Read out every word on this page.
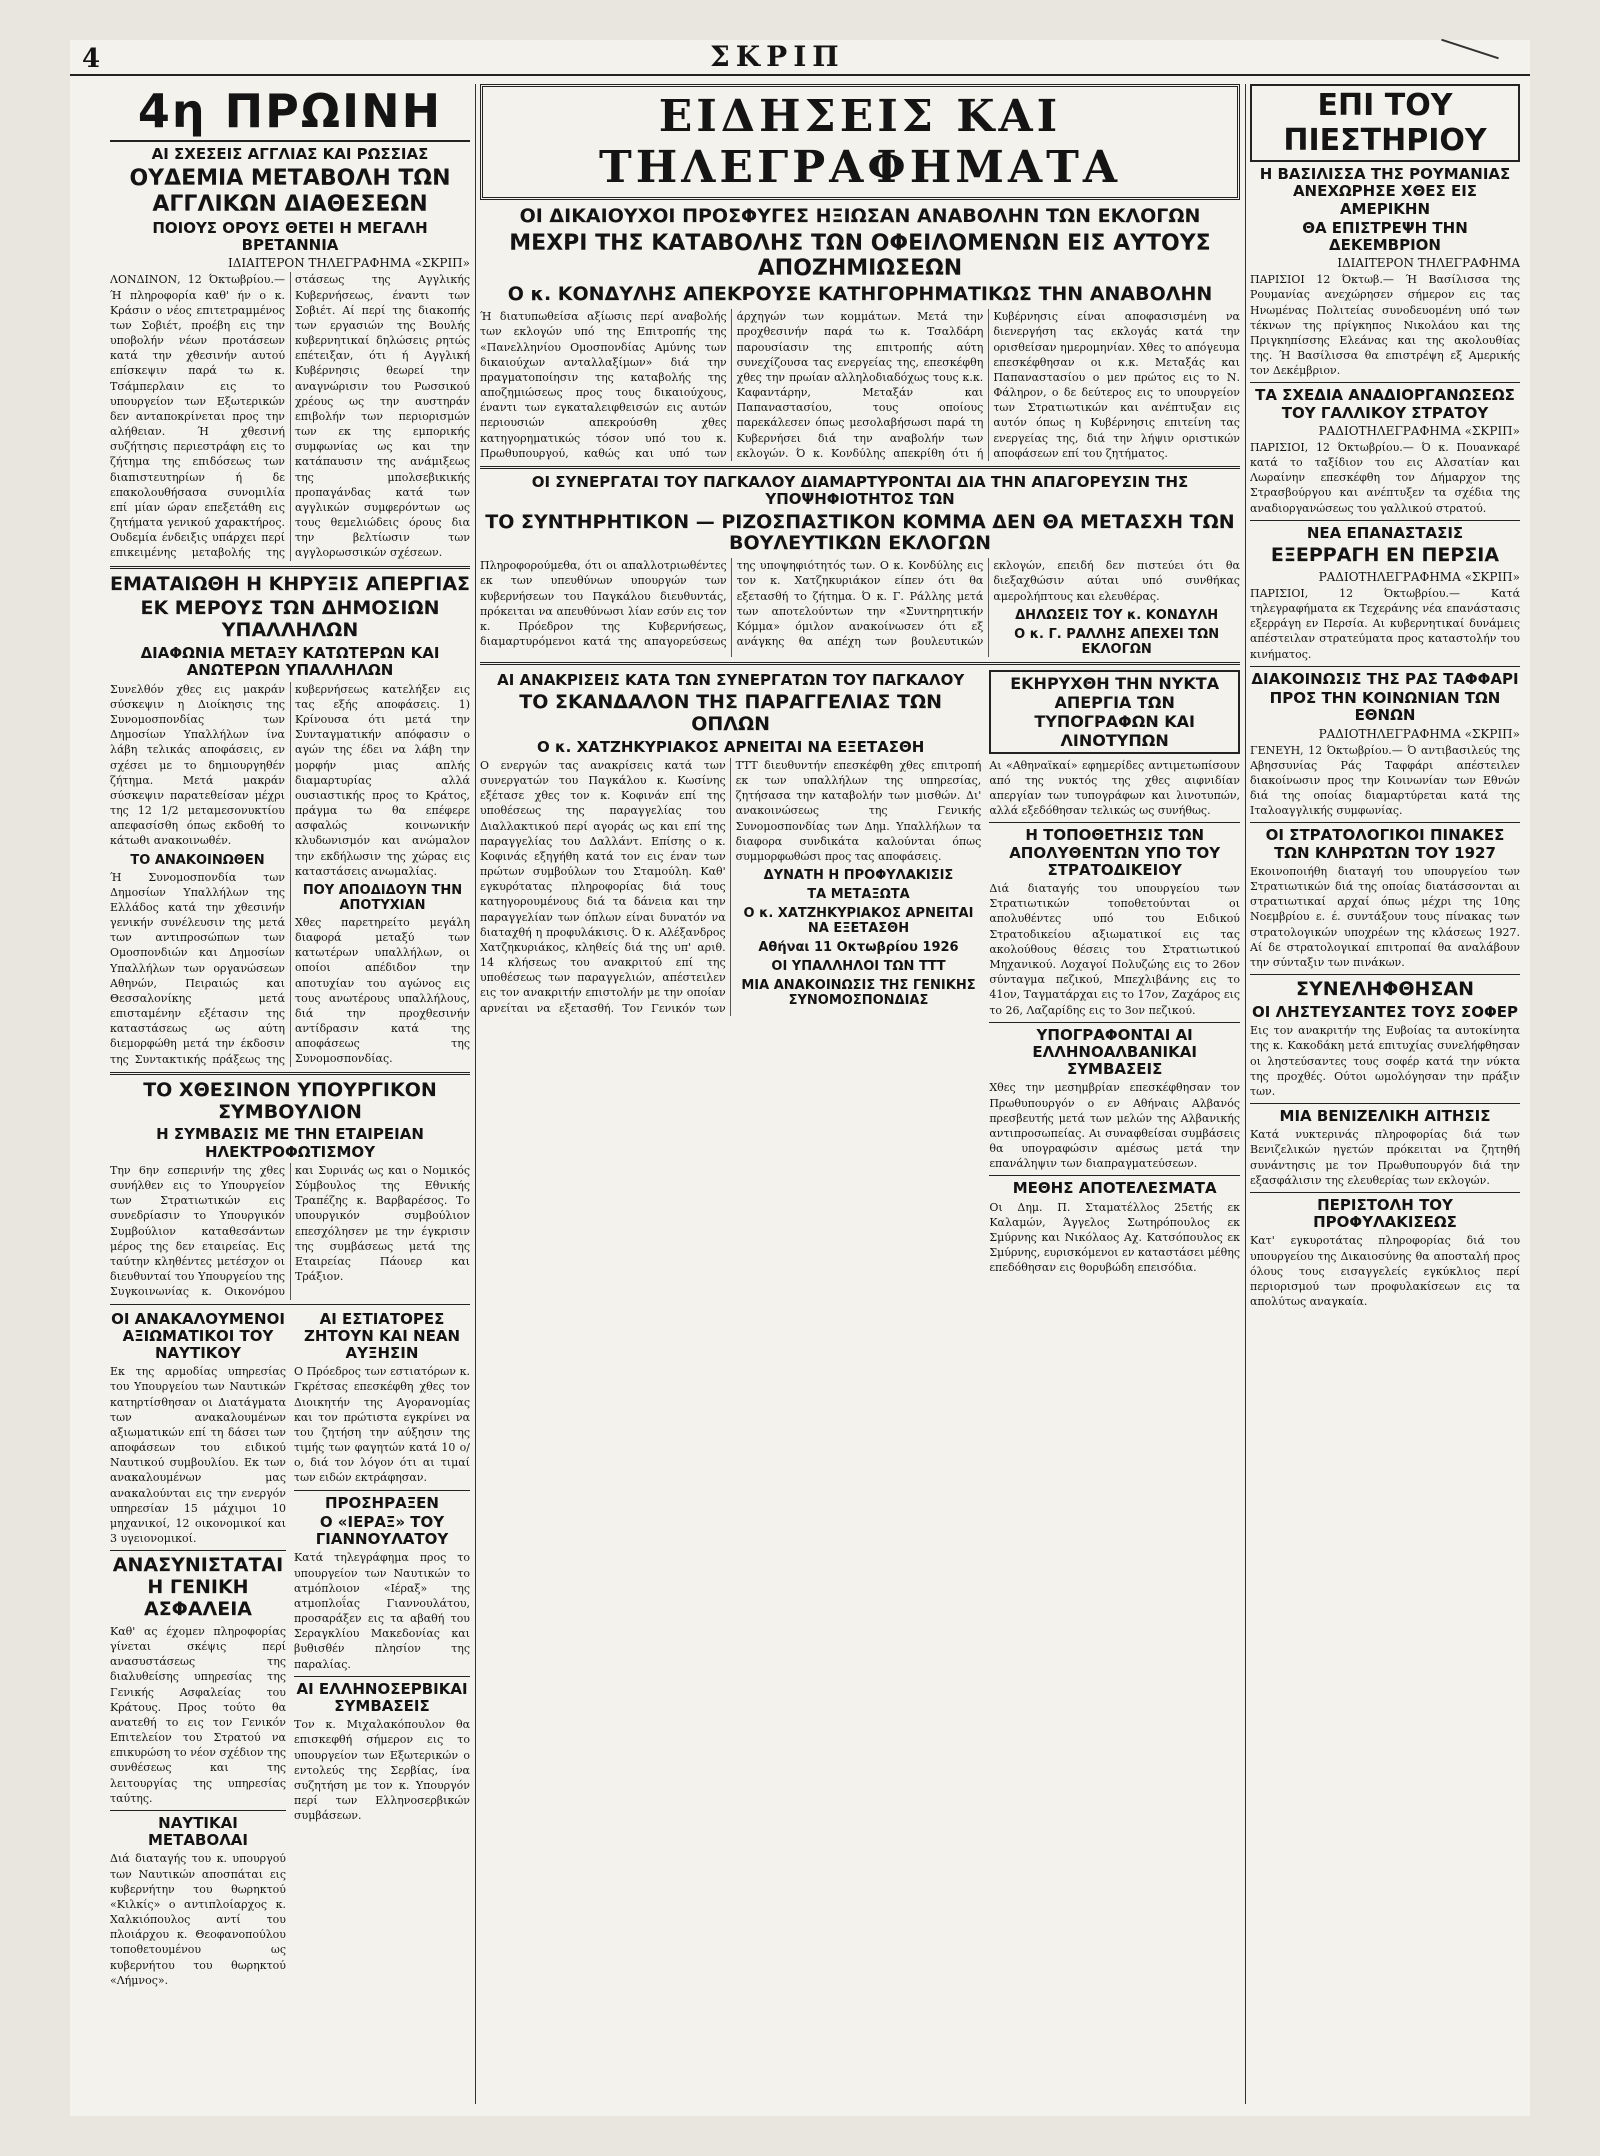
4	ΣΚΡΙΠ
4η ΠΡΩΙΝΗ
ΑΙ ΣΧΕΣΕΙΣ ΑΓΓΛΙΑΣ ΚΑΙ ΡΩΣΣΙΑΣ
ΟΥΔΕΜΙΑ ΜΕΤΑΒΟΛΗ ΤΩΝ ΑΓΓΛΙΚΩΝ ΔΙΑΘΕΣΕΩΝ
ΠΟΙΟΥΣ ΟΡΟΥΣ ΘΕΤΕΙ Η ΜΕΓΑΛΗ ΒΡΕΤΑΝΝΙΑ
ΙΔΙΑΙΤΕΡΟΝ ΤΗΛΕΓΡΑΦΗΜΑ «ΣΚΡΙΠ»
ΛΟΝΔΙΝΟΝ, 12 Όκτωβρίου.— Ή πληροφορία καθ' ήν ο κ. Κράσιν ο νέος επιτετραμμένος των Σοβιέτ, προέβη εις την υποβολήν νέων προτάσεων κατά την χθεσινήν αυτού επίσκεψιν παρά τω κ. Τσάμπερλαιν εις το υπουργείον των Εξωτερικών δεν ανταποκρίνεται προς την αλήθειαν. Ή χθεσινή συζήτησις περιεστράφη εις το ζήτημα της επιδόσεως των διαπιστευτηρίων ή δε επακολουθήσασα συνομιλία επί μίαν ώραν επεξετάθη εις ζητήματα γενικού χαρακτήρος. Ουδεμία ένδειξις υπάρχει περί επικειμένης μεταβολής της στάσεως της Αγγλικής Κυβερνήσεως, έναντι των Σοβιέτ. Αί περί της διακοπής των εργασιών της Βουλής κυβερνητικαί δηλώσεις ρητώς επέτειξαν, ότι ή Αγγλική Κυβέρνησις θεωρεί την αναγνώρισιν του Ρωσσικού χρέους ως την αυστηράν επιβολήν των περιορισμών των εκ της εμπορικής συμφωνίας ως και την κατάπαυσιν της ανάμιξεως της μπολσεβικικής προπαγάνδας κατά των αγγλικών συμφερόντων ως τους θεμελιώδεις όρους δια την βελτίωσιν των αγγλορωσσικών σχέσεων.
ΕΜΑΤΑΙΩΘΗ Η ΚΗΡΥΞΙΣ ΑΠΕΡΓΙΑΣ
ΕΚ ΜΕΡΟΥΣ ΤΩΝ ΔΗΜΟΣΙΩΝ ΥΠΑΛΛΗΛΩΝ
ΔΙΑΦΩΝΙΑ ΜΕΤΑΞΥ ΚΑΤΩΤΕΡΩΝ ΚΑΙ ΑΝΩΤΕΡΩΝ ΥΠΑΛΛΗΛΩΝ
Συνελθόν χθες εις μακράν σύσκεψιν η Διοίκησις της Συνομοσπονδίας των Δημοσίων Υπαλλήλων ίνα λάβη τελικάς αποφάσεις, εν σχέσει με το δημιουργηθέν ζήτημα. Μετά μακράν σύσκεψιν παρατεθείσαν μέχρι της 12 1/2 μεταμεσονυκτίου απεφασίσθη όπως εκδοθή το κάτωθι ανακοινωθέν.
ΤΟ ΑΝΑΚΟΙΝΩΘΕΝ
Ή Συνομοσπονδία των Δημοσίων Υπαλλήλων της Ελλάδος κατά την χθεσινήν γενικήν συνέλευσιν της μετά των αντιπροσώπων των Ομοσπονδιών και Δημοσίων Υπαλλήλων των οργανώσεων Αθηνών, Πειραιώς και Θεσσαλονίκης μετά επισταμένην εξέτασιν της καταστάσεως ως αύτη διεμορφώθη μετά την έκδοσιν της Συντακτικής πράξεως της κυβερνήσεως κατελήξεν εις τας εξής αποφάσεις. 1) Κρίνουσα ότι μετά την Συνταγματικήν απόφασιν ο αγών της έδει να λάβη την μορφήν μιας απλής διαμαρτυρίας αλλά ουσιαστικής προς το Κράτος, πράγμα τω θα επέφερε ασφαλώς κοινωνικήν κλυδωνισμόν και ανώμαλον την εκδήλωσιν της χώρας εις καταστάσεις ανωμαλίας.
ΠΟΥ ΑΠΟΔΙΔΟΥΝ ΤΗΝ ΑΠΟΤΥΧΙΑΝ
Χθες παρετηρείτο μεγάλη διαφορά μεταξύ των κατωτέρων υπαλλήλων, οι οποίοι απέδιδον την αποτυχίαν του αγώνος εις τους ανωτέρους υπαλλήλους, διά την προχθεσινήν αντίδρασιν κατά της αποφάσεως της Συνομοσπονδίας.
ΤΟ ΧΘΕΣΙΝΟΝ ΥΠΟΥΡΓΙΚΟΝ ΣΥΜΒΟΥΛΙΟΝ
Η ΣΥΜΒΑΣΙΣ ΜΕ ΤΗΝ ΕΤΑΙΡΕΙΑΝ ΗΛΕΚΤΡΟΦΩΤΙΣΜΟΥ
Την 6ην εσπερινήν της χθες συνήλθεν εις το Υπουργείον των Στρατιωτικών εις συνεδρίασιν το Υπουργικόν Συμβούλιον καταθεσάντων μέρος της δεν εταιρείας. Εις ταύτην κληθέντες μετέσχον οι διευθυνταί του Υπουργείου της Συγκοινωνίας κ. Οικονόμου και Συρινάς ως και ο Νομικός Σύμβουλος της Εθνικής Τραπέζης κ. Βαρβαρέσος. Το υπουργικόν συμβούλιον επεσχόλησεν με την έγκρισιν της συμβάσεως μετά της Εταιρείας Πάουερ και Τράξιον.
ΟΙ ΑΝΑΚΑΛΟΥΜΕΝΟΙ ΑΞΙΩΜΑΤΙΚΟΙ ΤΟΥ ΝΑΥΤΙΚΟΥ
Εκ της αρμοδίας υπηρεσίας του Υπουργείου των Ναυτικών κατηρτίσθησαν οι Διατάγματα των ανακαλουμένων αξιωματικών επί τη δάσει των αποφάσεων του ειδικού Ναυτικού συμβουλίου. Εκ των ανακαλουμένων μας ανακαλούνται εις την ενεργόν υπηρεσίαν 15 μάχιμοι 10 μηχανικοί, 12 οικονομικοί και 3 υγειονομικοί.
ΑΝΑΣΥΝΙΣΤΑΤΑΙ Η ΓΕΝΙΚΗ ΑΣΦΑΛΕΙΑ
Καθ' ας έχομεν πληροφορίας γίνεται σκέψις περί ανασυστάσεως της διαλυθείσης υπηρεσίας της Γενικής Ασφαλείας του Κράτους. Προς τούτο θα ανατεθή το εις τον Γενικόν Επιτελείον του Στρατού να επικυρώση το νέον σχέδιον της συνθέσεως και της λειτουργίας της υπηρεσίας ταύτης.
ΝΑΥΤΙΚΑΙ ΜΕΤΑΒΟΛΑΙ
Διά διαταγής του κ. υπουργού των Ναυτικών αποσπάται εις κυβερνήτην του θωρηκτού «Κιλκίς» ο αντιπλοίαρχος κ. Χαλκιόπουλος αντί του πλοιάρχου κ. Θεοφανοπούλου τοποθετουμένου ως κυβερνήτου του θωρηκτού «Λήμνος».
ΑΙ ΕΣΤΙΑΤΟΡΕΣ ΖΗΤΟΥΝ ΚΑΙ ΝΕΑΝ ΑΥΞΗΣΙΝ
Ο Πρόεδρος των εστιατόρων κ. Γκρέτσας επεσκέφθη χθες τον Διοικητήν της Αγορανομίας και τον πρώτιστα εγκρίνει να του ζητήση την αύξησιν της τιμής των φαγητών κατά 10 ο/ο, διά τον λόγον ότι αι τιμαί των ειδών εκτράφησαν.
ΠΡΟΣΗΡΑΞΕΝ
Ο «ΙΕΡΑΞ» ΤΟΥ ΓΙΑΝΝΟΥΛΑΤΟΥ
Κατά τηλεγράφημα προς το υπουργείον των Ναυτικών το ατμόπλοιον «Ιέραξ» της ατμοπλοΐας Γιαννουλάτου, προσαράξεν εις τα αβαθή του Σεραγκλίου Μακεδονίας και βυθισθέν πλησίον της παραλίας.
ΑΙ ΕΛΛΗΝΟΣΕΡΒΙΚΑΙ ΣΥΜΒΑΣΕΙΣ
Τον κ. Μιχαλακόπουλον θα επισκεφθή σήμερον εις το υπουργείον των Εξωτερικών ο εντολεύς της Σερβίας, ίνα συζητήση με τον κ. Υπουργόν περί των Ελληνοσερβικών συμβάσεων.
ΕΙΔΗΣΕΙΣ ΚΑΙ ΤΗΛΕΓΡΑΦΗΜΑΤΑ
ΟΙ ΔΙΚΑΙΟΥΧΟΙ ΠΡΟΣΦΥΓΕΣ ΗΞΙΩΣΑΝ ΑΝΑΒΟΛΗΝ ΤΩΝ ΕΚΛΟΓΩΝ
ΜΕΧΡΙ ΤΗΣ ΚΑΤΑΒΟΛΗΣ ΤΩΝ ΟΦΕΙΛΟΜΕΝΩΝ ΕΙΣ ΑΥΤΟΥΣ ΑΠΟΖΗΜΙΩΣΕΩΝ
Ο κ. ΚΟΝΔΥΛΗΣ ΑΠΕΚΡΟΥΣΕ ΚΑΤΗΓΟΡΗΜΑΤΙΚΩΣ ΤΗΝ ΑΝΑΒΟΛΗΝ
Ή διατυπωθείσα αξίωσις περί αναβολής των εκλογών υπό της Επιτροπής της «Πανελληνίου Ομοσπονδίας Αμύνης των δικαιούχων ανταλλαξίμων» διά την πραγματοποίησιν της καταβολής της αποζημιώσεως προς τους δικαιούχους, έναντι των εγκαταλειφθεισών εις αυτών περιουσιών απεκρούσθη χθες κατηγορηματικώς τόσον υπό του κ. Πρωθυπουργού, καθώς και υπό των άρχηγών των κομμάτων. Μετά την προχθεσινήν παρά τω κ. Τσαλδάρη παρουσίασιν της επιτροπής αύτη συνεχίζουσα τας ενεργείας της, επεσκέφθη χθες την πρωίαν αλληλοδιαδόχως τους κ.κ. Καφαντάρην, Μεταξάν και Παπαναστασίου, τους οποίους παρεκάλεσεν όπως μεσολαβήσωσι παρά τη Κυβερνήσει διά την αναβολήν των εκλογών. Ό κ. Κονδύλης απεκρίθη ότι ή Κυβέρνησις είναι αποφασισμένη να διενεργήση τας εκλογάς κατά την ορισθείσαν ημερομηνίαν. Χθες το απόγευμα επεσκέφθησαν οι κ.κ. Μεταξάς και Παπαναστασίου ο μεν πρώτος εις το Ν. Φάληρον, ο δε δεύτερος εις το υπουργείον των Στρατιωτικών και ανέπτυξαν εις αυτόν όπως η Κυβέρνησις επιτείνη τας ενεργείας της, διά την λήψιν οριστικών αποφάσεων επί του ζητήματος.
ΟΙ ΣΥΝΕΡΓΑΤΑΙ ΤΟΥ ΠΑΓΚΑΛΟΥ ΔΙΑΜΑΡΤΥΡΟΝΤΑΙ ΔΙΑ ΤΗΝ ΑΠΑΓΟΡΕΥΣΙΝ ΤΗΣ ΥΠΟΨΗΦΙΟΤΗΤΟΣ ΤΩΝ
ΤΟ ΣΥΝΤΗΡΗΤΙΚΟΝ — ΡΙΖΟΣΠΑΣΤΙΚΟΝ ΚΟΜΜΑ ΔΕΝ ΘΑ ΜΕΤΑΣΧΗ ΤΩΝ ΒΟΥΛΕΥΤΙΚΩΝ ΕΚΛΟΓΩΝ
Πληροφορούμεθα, ότι οι απαλλοτριωθέντες εκ των υπευθύνων υπουργών των κυβερνήσεων του Παγκάλου διευθυντάς, πρόκειται να απευθύνωσι λίαν εσύν εις τον κ. Πρόεδρον της Κυβερνήσεως, διαμαρτυρόμενοι κατά της απαγορεύσεως της υποψηφιότητός των. Ο κ. Κονδύλης εις τον κ. Χατζηκυριάκον είπεν ότι θα εξετασθή το ζήτημα. Ό κ. Γ. Ράλλης μετά των αποτελούντων την «Συντηρητικήν Κόμμα» όμιλον ανακοίνωσεν ότι εξ ανάγκης θα απέχη των βουλευτικών εκλογών, επειδή δεν πιστεύει ότι θα διεξαχθώσιν αύται υπό συνθήκας αμερολήπτους και ελευθέρας.
ΔΗΛΩΣΕΙΣ ΤΟΥ κ. ΚΟΝΔΥΛΗ
Ο κ. Γ. ΡΑΛΛΗΣ ΑΠΕΧΕΙ ΤΩΝ ΕΚΛΟΓΩΝ
ΑΙ ΑΝΑΚΡΙΣΕΙΣ ΚΑΤΑ ΤΩΝ ΣΥΝΕΡΓΑΤΩΝ ΤΟΥ ΠΑΓΚΑΛΟΥ
ΤΟ ΣΚΑΝΔΑΛΟΝ ΤΗΣ ΠΑΡΑΓΓΕΛΙΑΣ ΤΩΝ ΟΠΛΩΝ
Ο κ. ΧΑΤΖΗΚΥΡΙΑΚΟΣ ΑΡΝΕΙΤΑΙ ΝΑ ΕΞΕΤΑΣΘΗ
Ο ενεργών τας ανακρίσεις κατά των συνεργατών του Παγκάλου κ. Κωσίνης εξέτασε χθες τον κ. Κοφινάν επί της υποθέσεως της παραγγελίας του Διαλλακτικού περί αγοράς ως και επί της παραγγελίας του Δαλλάντ. Επίσης ο κ. Κοφινάς εξηγήθη κατά τον εις έναν των πρώτων συμβούλων του Σταμούλη. Καθ' εγκυρότατας πληροφορίας διά τους κατηγορουμένους διά τα δάνεια και την παραγγελίαν των όπλων είναι δυνατόν να διαταχθή η προφυλάκισις. Ό κ. Αλέξανδρος Χατζηκυριάκος, κληθείς διά της υπ' αριθ. 14 κλήσεως του ανακριτού επί της υποθέσεως των παραγγελιών, απέστειλεν εις τον ανακριτήν επιστολήν με την οποίαν αρνείται να εξετασθή. Τον Γενικόν των ΤΤΤ διευθυντήν επεσκέφθη χθες επιτροπή εκ των υπαλλήλων της υπηρεσίας, ζητήσασα την καταβολήν των μισθών. Δι' ανακοινώσεως της Γενικής Συνομοσπονδίας των Δημ. Υπαλλήλων τα διαφορα συνδικάτα καλούνται όπως συμμορφωθώσι προς τας αποφάσεις.
ΔΥΝΑΤΗ Η ΠΡΟΦΥΛΑΚΙΣΙΣ
ΤΑ ΜΕΤΑΞΩΤΑ
Ο κ. ΧΑΤΖΗΚΥΡΙΑΚΟΣ ΑΡΝΕΙΤΑΙ ΝΑ ΕΞΕΤΑΣΘΗ
Αθήναι 11 Οκτωβρίου 1926
ΟΙ ΥΠΑΛΛΗΛΟΙ ΤΩΝ ΤΤΤ
ΜΙΑ ΑΝΑΚΟΙΝΩΣΙΣ ΤΗΣ ΓΕΝΙΚΗΣ ΣΥΝΟΜΟΣΠΟΝΔΙΑΣ
ΕΚΗΡΥΧΘΗ ΤΗΝ ΝΥΚΤΑ ΑΠΕΡΓΙΑ ΤΩΝ ΤΥΠΟΓΡΑΦΩΝ ΚΑΙ ΛΙΝΟΤΥΠΩΝ
Αι «Αθηναϊκαί» εφημερίδες αντιμετωπίσουν από της νυκτός της χθες αιφνιδίαν απεργίαν των τυπογράφων και λινοτυπών, αλλά εξεδόθησαν τελικώς ως συνήθως.
Η ΤΟΠΟΘΕΤΗΣΙΣ ΤΩΝ ΑΠΟΛΥΘΕΝΤΩΝ ΥΠΟ ΤΟΥ ΣΤΡΑΤΟΔΙΚΕΙΟΥ
Διά διαταγής του υπουργείου των Στρατιωτικών τοποθετούνται οι απολυθέντες υπό του Ειδικού Στρατοδικείου αξιωματικοί εις τας ακολούθους θέσεις του Στρατιωτικού Μηχανικού. Λοχαγοί Πολυζώης εις το 26ον σύνταγμα πεζικού, Μπεχλιβάνης εις το 41ον, Ταγματάρχαι εις το 17ον, Ζαχάρος εις το 26, Λαζαρίδης εις το 3ον πεζικού.
ΥΠΟΓΡΑΦΟΝΤΑΙ ΑΙ ΕΛΛΗΝΟΑΛΒΑΝΙΚΑΙ ΣΥΜΒΑΣΕΙΣ
Χθες την μεσημβρίαν επεσκέφθησαν τον Πρωθυπουργόν ο εν Αθήναις Αλβανός πρεσβευτής μετά των μελών της Αλβανικής αντιπροσωπείας. Αι συναφθείσαι συμβάσεις θα υπογραφώσιν αμέσως μετά την επανάληψιν των διαπραγματεύσεων.
ΜΕΘΗΣ ΑΠΟΤΕΛΕΣΜΑΤΑ
Οι Δημ. Π. Σταματέλλος 25ετής εκ Καλαμών, Άγγελος Σωτηρόπουλος εκ Σμύρνης και Νικόλαος Αχ. Κατσόπουλος εκ Σμύρνης, ευρισκόμενοι εν καταστάσει μέθης επεδόθησαν εις θορυβώδη επεισόδια.
ΕΠΙ ΤΟΥ ΠΙΕΣΤΗΡΙΟΥ
Η ΒΑΣΙΛΙΣΣΑ ΤΗΣ ΡΟΥΜΑΝΙΑΣ ΑΝΕΧΩΡΗΣΕ ΧΘΕΣ ΕΙΣ ΑΜΕΡΙΚΗΝ
ΘΑ ΕΠΙΣΤΡΕΨΗ ΤΗΝ ΔΕΚΕΜΒΡΙΟΝ
ΙΔΙΑΙΤΕΡΟΝ ΤΗΛΕΓΡΑΦΗΜΑ
ΠΑΡΙΣΙΟΙ 12 Όκτωβ.— Ή Βασίλισσα της Ρουμανίας ανεχώρησεν σήμερον εις τας Ηνωμένας Πολιτείας συνοδευομένη υπό των τέκνων της πρίγκηπος Νικολάου και της Πριγκηπίσσης Ελεάνας και της ακολουθίας της. Ή Βασίλισσα θα επιστρέψη εξ Αμερικής τον Δεκέμβριον.
ΤΑ ΣΧΕΔΙΑ ΑΝΑΔΙΟΡΓΑΝΩΣΕΩΣ ΤΟΥ ΓΑΛΛΙΚΟΥ ΣΤΡΑΤΟΥ
ΡΑΔΙΟΤΗΛΕΓΡΑΦΗΜΑ «ΣΚΡΙΠ»
ΠΑΡΙΣΙΟΙ, 12 Όκτωβρίου.— Ό κ. Πουανκαρέ κατά το ταξίδιον του εις Αλσατίαν και Λωραίνην επεσκέφθη τον Δήμαρχον της Στρασβούργου και ανέπτυξεν τα σχέδια της αναδιοργανώσεως του γαλλικού στρατού.
ΝΕΑ ΕΠΑΝΑΣΤΑΣΙΣ
ΕΞΕΡΡΑΓΗ ΕΝ ΠΕΡΣΙΑ
ΡΑΔΙΟΤΗΛΕΓΡΑΦΗΜΑ «ΣΚΡΙΠ»
ΠΑΡΙΣΙΟΙ, 12 Όκτωβρίου.— Κατά τηλεγραφήματα εκ Τεχεράνης νέα επανάστασις εξερράγη εν Περσία. Αι κυβερνητικαί δυνάμεις απέστειλαν στρατεύματα προς καταστολήν του κινήματος.
ΔΙΑΚΟΙΝΩΣΙΣ ΤΗΣ ΡΑΣ ΤΑΦΦΑΡΙ
ΠΡΟΣ ΤΗΝ ΚΟΙΝΩΝΙΑΝ ΤΩΝ ΕΘΝΩΝ
ΡΑΔΙΟΤΗΛΕΓΡΑΦΗΜΑ «ΣΚΡΙΠ»
ΓΕΝΕΥΗ, 12 Όκτωβρίου.— Ό αντιβασιλεύς της Αβησσυνίας Ράς Ταφφάρι απέστειλεν διακοίνωσιν προς την Κοινωνίαν των Εθνών διά της οποίας διαμαρτύρεται κατά της Ιταλοαγγλικής συμφωνίας.
ΟΙ ΣΤΡΑΤΟΛΟΓΙΚΟΙ ΠΙΝΑΚΕΣ ΤΩΝ ΚΛΗΡΩΤΩΝ ΤΟΥ 1927
Εκοινοποιήθη διαταγή του υπουργείου των Στρατιωτικών διά της οποίας διατάσσονται αι στρατιωτικαί αρχαί όπως μέχρι της 10ης Νοεμβρίου ε. έ. συντάξουν τους πίνακας των στρατολογικών υποχρέων της κλάσεως 1927. Αί δε στρατολογικαί επιτροπαί θα αναλάβουν την σύνταξιν των πινάκων.
ΣΥΝΕΛΗΦΘΗΣΑΝ
ΟΙ ΛΗΣΤΕΥΣΑΝΤΕΣ ΤΟΥΣ ΣΟΦΕΡ
Εις τον ανακριτήν της Ευβοίας τα αυτοκίνητα της κ. Κακοδάκη μετά επιτυχίας συνελήφθησαν οι ληστεύσαντες τους σοφέρ κατά την νύκτα της προχθές. Ούτοι ωμολόγησαν την πράξιν των.
ΜΙΑ ΒΕΝΙΖΕΛΙΚΗ ΑΙΤΗΣΙΣ
Κατά νυκτερινάς πληροφορίας διά των Βενιζελικών ηγετών πρόκειται να ζητηθή συνάντησις με τον Πρωθυπουργόν διά την εξασφάλισιν της ελευθερίας των εκλογών.
ΠΕΡΙΣΤΟΛΗ ΤΟΥ ΠΡΟΦΥΛΑΚΙΣΕΩΣ
Κατ' εγκυροτάτας πληροφορίας διά του υπουργείου της Δικαιοσύνης θα αποσταλή προς όλους τους εισαγγελείς εγκύκλιος περί περιορισμού των προφυλακίσεων εις τα απολύτως αναγκαία.
